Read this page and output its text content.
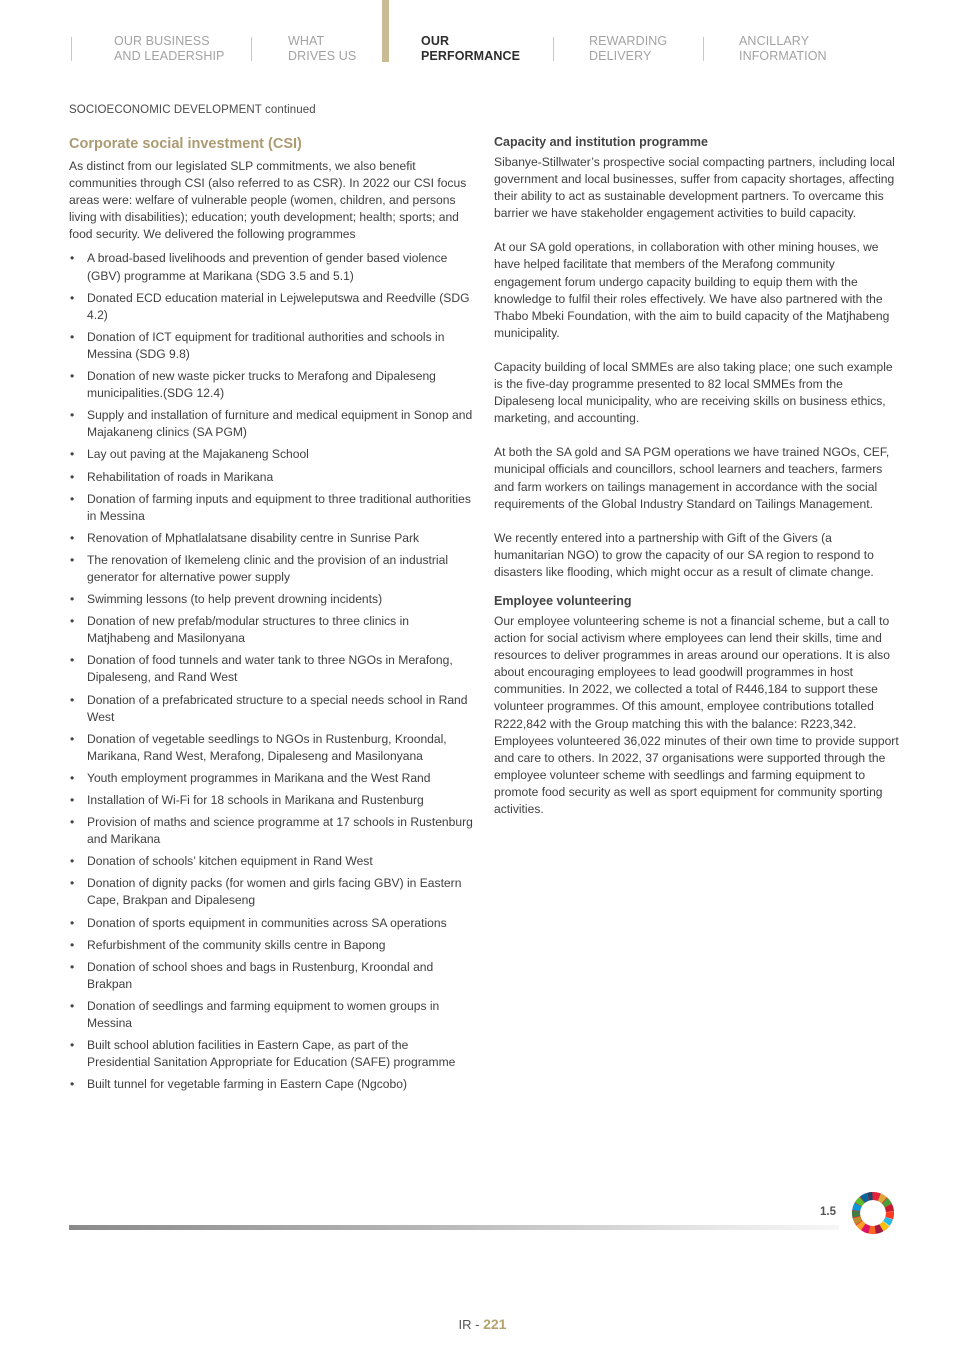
OUR BUSINESS
AND LEADERSHIP
WHAT
DRIVES US
OUR
PERFORMANCE
REWARDING
DELIVERY
ANCILLARY
INFORMATION
SOCIOECONOMIC DEVELOPMENT continued
Corporate social investment (CSI)

As distinct from our legislated SLP commitments, we also benefit communities through CSI (also referred to as CSR). In 2022 our CSI focus areas were: welfare of vulnerable people (women, children, and persons living with disabilities); education; youth development; health; sports; and food security. We delivered the following programmes

• A broad-based livelihoods and prevention of gender based violence (GBV) programme at Marikana (SDG 3.5 and 5.1)
• Donated ECD education material in Lejweleputswa and Reedville (SDG 4.2)
• Donation of ICT equipment for traditional authorities and schools in Messina (SDG 9.8)
• Donation of new waste picker trucks to Merafong and Dipaleseng municipalities.(SDG 12.4)
• Supply and installation of furniture and medical equipment in Sonop and Majakaneng clinics (SA PGM)
• Lay out paving at the Majakaneng School
• Rehabilitation of roads in Marikana
• Donation of farming inputs and equipment to three traditional authorities in Messina
• Renovation of Mphatlalatsane disability centre in Sunrise Park
• The renovation of Ikemeleng clinic and the provision of an industrial generator for alternative power supply
• Swimming lessons (to help prevent drowning incidents)
• Donation of new prefab/modular structures to three clinics in Matjhabeng and Masilonyana
• Donation of food tunnels and water tank to three NGOs in Merafong, Dipaleseng, and Rand West
• Donation of a prefabricated structure to a special needs school in Rand West
• Donation of vegetable seedlings to NGOs in Rustenburg, Kroondal, Marikana, Rand West, Merafong, Dipaleseng and Masilonyana
• Youth employment programmes in Marikana and the West Rand
• Installation of Wi-Fi for 18 schools in Marikana and Rustenburg
• Provision of maths and science programme at 17 schools in Rustenburg and Marikana
• Donation of schools’ kitchen equipment in Rand West
• Donation of dignity packs (for women and girls facing GBV) in Eastern Cape, Brakpan and Dipaleseng
• Donation of sports equipment in communities across SA operations
• Refurbishment of the community skills centre in Bapong
• Donation of school shoes and bags in Rustenburg, Kroondal and Brakpan
• Donation of seedlings and farming equipment to women groups in Messina
• Built school ablution facilities in Eastern Cape, as part of the Presidential Sanitation Appropriate for Education (SAFE) programme
• Built tunnel for vegetable farming in Eastern Cape (Ngcobo)
Capacity and institution programme

Sibanye-Stillwater’s prospective social compacting partners, including local government and local businesses, suffer from capacity shortages, affecting their ability to act as sustainable development partners. To overcame this barrier we have stakeholder engagement activities to build capacity.

At our SA gold operations, in collaboration with other mining houses, we have helped facilitate that members of the Merafong community engagement forum undergo capacity building to equip them with the knowledge to fulfil their roles effectively. We have also partnered with the Thabo Mbeki Foundation, with the aim to build capacity of the Matjhabeng municipality.

Capacity building of local SMMEs are also taking place; one such example is the five-day programme presented to 82 local SMMEs from the Dipaleseng local municipality, who are receiving skills on business ethics, marketing, and accounting.

At both the SA gold and SA PGM operations we have trained NGOs, CEF, municipal officials and councillors, school learners and teachers, farmers and farm workers on tailings management in accordance with the social requirements of the Global Industry Standard on Tailings Management.

We recently entered into a partnership with Gift of the Givers (a humanitarian NGO) to grow the capacity of our SA region to respond to disasters like flooding, which might occur as a result of climate change.

Employee volunteering

Our employee volunteering scheme is not a financial scheme, but a call to action for social activism where employees can lend their skills, time and resources to deliver programmes in areas around our operations. It is also about encouraging employees to lead goodwill programmes in host communities. In 2022, we collected a total of R446,184 to support these volunteer programmes. Of this amount, employee contributions totalled R222,842 with the Group matching this with the balance: R223,342. Employees volunteered 36,022 minutes of their own time to provide support and care to others. In 2022, 37 organisations were supported through the employee volunteer scheme with seedlings and farming equipment to promote food security as well as sport equipment for community sporting activities.

1.5
IR - 221
